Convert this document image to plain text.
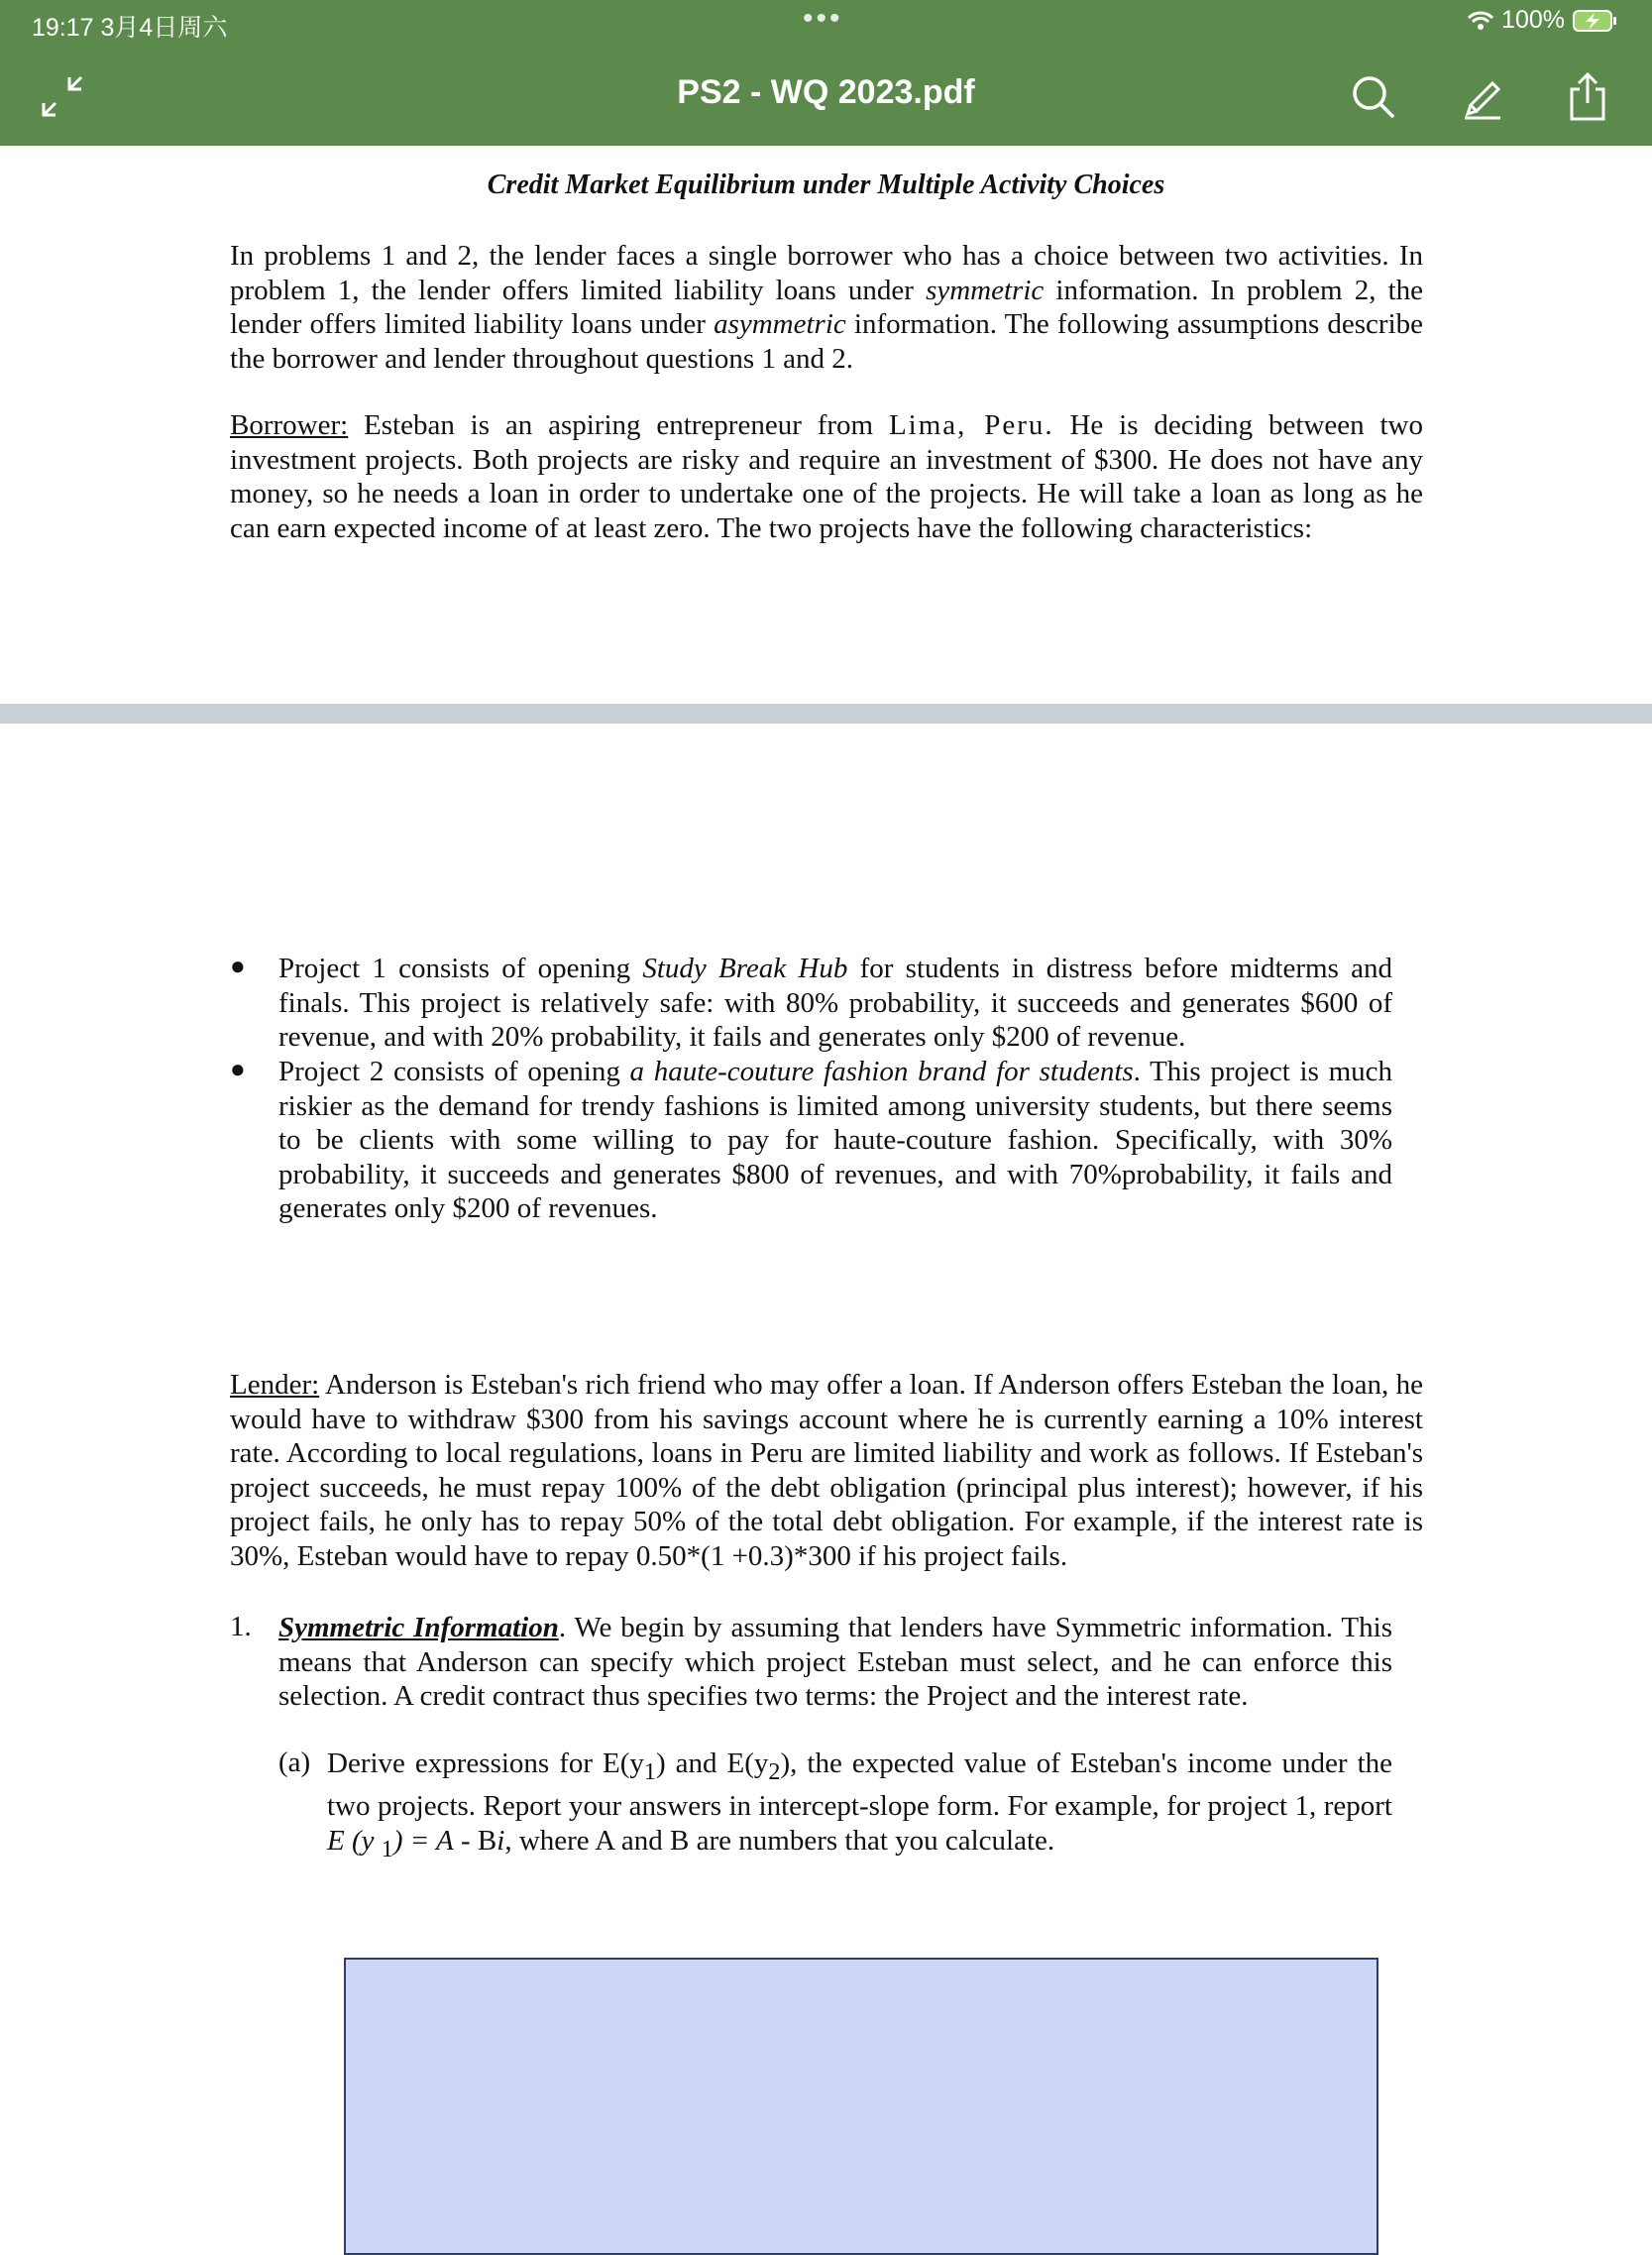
19:17 3月4日周六	•••	100%
PS2 - WQ 2023.pdf
Credit Market Equilibrium under Multiple Activity Choices

In problems 1 and 2, the lender faces a single borrower who has a choice between two activities. In problem 1, the lender offers limited liability loans under symmetric information. In problem 2, the lender offers limited liability loans under asymmetric information. The following assumptions describe the borrower and lender throughout questions 1 and 2.

Borrower: Esteban is an aspiring entrepreneur from Lima, Peru. He is deciding between two investment projects. Both projects are risky and require an investment of $300. He does not have any money, so he needs a loan in order to undertake one of the projects. He will take a loan as long as he can earn expected income of at least zero. The two projects have the following characteristics:

● Project 1 consists of opening Study Break Hub for students in distress before midterms and finals. This project is relatively safe: with 80% probability, it succeeds and generates $600 of revenue, and with 20% probability, it fails and generates only $200 of revenue.

● Project 2 consists of opening a haute-couture fashion brand for students. This project is much riskier as the demand for trendy fashions is limited among university students, but there seems to be clients with some willing to pay for haute-couture fashion. Specifically, with 30% probability, it succeeds and generates $800 of revenues, and with 70%probability, it fails and generates only $200 of revenues.

Lender: Anderson is Esteban's rich friend who may offer a loan. If Anderson offers Esteban the loan, he would have to withdraw $300 from his savings account where he is currently earning a 10% interest rate. According to local regulations, loans in Peru are limited liability and work as follows. If Esteban's project succeeds, he must repay 100% of the debt obligation (principal plus interest); however, if his project fails, he only has to repay 50% of the total debt obligation. For example, if the interest rate is 30%, Esteban would have to repay 0.50*(1 +0.3)*300 if his project fails.

1. Symmetric Information. We begin by assuming that lenders have Symmetric information. This means that Anderson can specify which project Esteban must select, and he can enforce this selection. A credit contract thus specifies two terms: the Project and the interest rate.

(a) Derive expressions for $E(y_1)$ and $E(y_2)$, the expected value of Esteban's income under the two projects. Report your answers in intercept-slope form. For example, for project 1, report E (y $_1$) = A - Bi, where A and B are numbers that you calculate.
